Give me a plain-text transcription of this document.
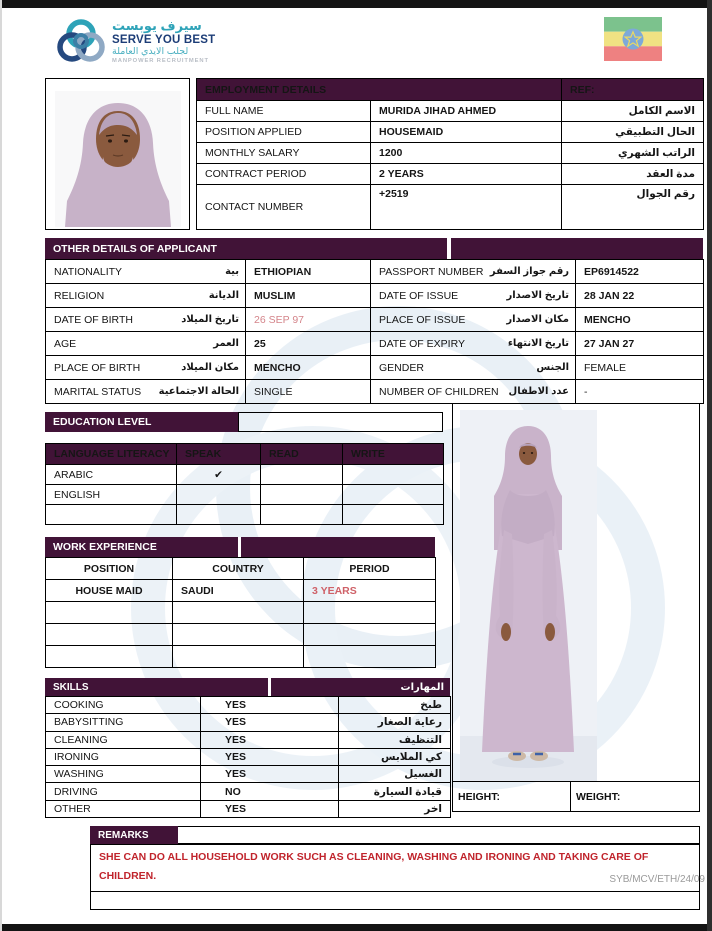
سيرف يوبست
SERVE YOU BEST
لجلب الايدي العاملة
MANPOWER RECRUITMENT
EMPLOYMENT DETAILS		REF:
FULL NAME	MURIDA JIHAD AHMED	الاسم الكامل
POSITION APPLIED	HOUSEMAID	الحال التطبيقي
MONTHLY SALARY	1200	الراتب الشهري
CONTRACT PERIOD	2 YEARS	مدة العقد
CONTACT NUMBER	+2519	رقم الجوال
OTHER DETAILS OF APPLICANT
NATIONALITY بية	ETHIOPIAN	PASSPORT NUMBER رقم جواز السفر	EP6914522

RELIGION الديانة	MUSLIM	DATE OF ISSUE تاريخ الاصدار	28 JAN 22

DATE OF BIRTH تاريخ الميلاد	26 SEP 97	PLACE OF ISSUE مكان الاصدار	MENCHO

AGE العمر	25	DATE OF EXPIRY تاريخ الانتهاء	27 JAN 27

PLACE OF BIRTH مكان الميلاد	MENCHO	GENDER الجنس	FEMALE

MARITAL STATUS الحالة الاجتماعية	SINGLE	NUMBER OF CHILDREN عدد الاطفال	-
EDUCATION LEVEL
LANGUAGE LITERACY	SPEAK	READ	WRITE
ARABIC	✔		
ENGLISH			

WORK EXPERIENCE
POSITION	COUNTRY	PERIOD
HOUSE MAID	SAUDI	3 YEARS

SKILLS	المهارات
COOKING	YES	طبخ
BABYSITTING	YES	رعاية الصغار
CLEANING	YES	التنظيف
IRONING	YES	كي الملابس
WASHING	YES	الغسيل
DRIVING	NO	قيادة السيارة
OTHER	YES	اخر
HEIGHT:	WEIGHT:
REMARKS
SHE CAN DO ALL HOUSEHOLD WORK SUCH AS CLEANING, WASHING AND IRONING AND TAKING CARE OF CHILDREN.	SYB/MCV/ETH/24/09
